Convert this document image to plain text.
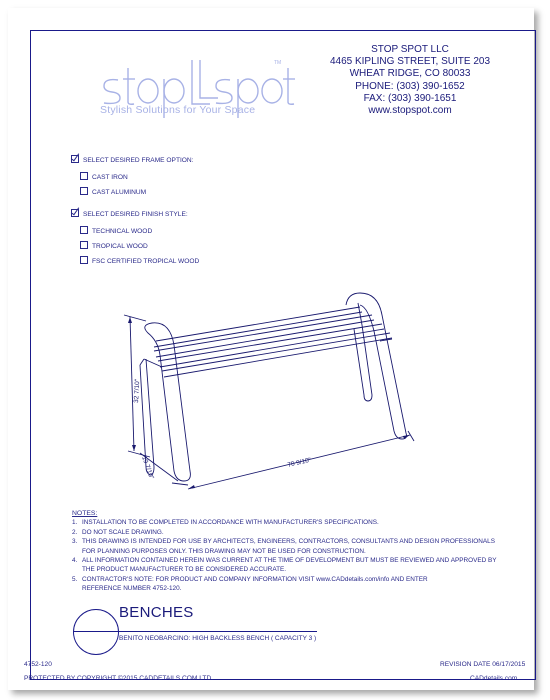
TM
Stylish Solutions for Your Space
STOP SPOT LLC
4465 KIPLING STREET, SUITE 203
WHEAT RIDGE, CO 80033
PHONE: (303) 390-1652
FAX: (303) 390-1651
www.stopspot.com
SELECT DESIRED FRAME OPTION:
CAST IRON
CAST ALUMINUM
SELECT DESIRED FINISH STYLE:
TECHNICAL WOOD
TROPICAL WOOD
FSC CERTIFIED TROPICAL WOOD
32 7/10"
19 7/10"	70 9/10"
NOTES:
1. INSTALLATION TO BE COMPLETED IN ACCORDANCE WITH MANUFACTURER'S SPECIFICATIONS.
2. DO NOT SCALE DRAWING.
3. THIS DRAWING IS INTENDED FOR USE BY ARCHITECTS, ENGINEERS, CONTRACTORS, CONSULTANTS AND DESIGN PROFESSIONALS
FOR PLANNING PURPOSES ONLY. THIS DRAWING MAY NOT BE USED FOR CONSTRUCTION.
4. ALL INFORMATION CONTAINED HEREIN WAS CURRENT AT THE TIME OF DEVELOPMENT BUT MUST BE REVIEWED AND APPROVED BY
THE PRODUCT MANUFACTURER TO BE CONSIDERED ACCURATE.
5. CONTRACTOR'S NOTE: FOR PRODUCT AND COMPANY INFORMATION VISIT www.CADdetails.com/info AND ENTER
REFERENCE NUMBER 4752-120.
BENCHES
BENITO NEOBARCINO: HIGH BACKLESS BENCH ( CAPACITY 3 )
4752-120	REVISION DATE 06/17/2015
PROTECTED BY COPYRIGHT ©2015 CADDETAILS.COM LTD.	CADdetails.com
